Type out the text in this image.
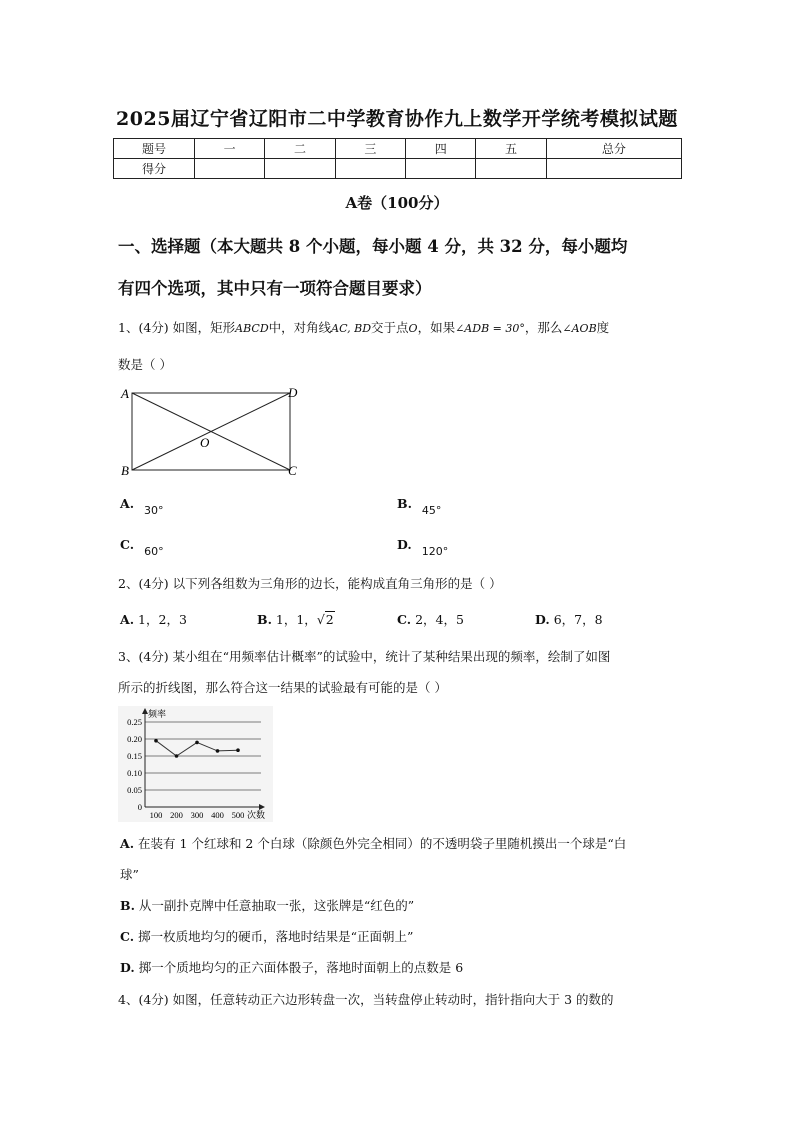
2025届辽宁省辽阳市二中学教育协作九上数学开学统考模拟试题
题号	一	二	三	四	五	总分
得分						
A卷（100分）
一、选择题（本大题共 8 个小题，每小题 4 分，共 32 分，每小题均
有四个选项，其中只有一项符合题目要求）
1、(4分) 如图，矩形ABCD中，对角线AC, BD交于点O，如果∠ADB = 30°，那么∠AOB度
数是（ ）
A	D
B	C
O
A. 30°	B. 45°
C. 60°	D. 120°
2、(4分) 以下列各组数为三角形的边长，能构成直角三角形的是（ ）
A. 1，2，3	B. 1，1，√2	C. 2，4，5	D. 6，7，8
3、(4分) 某小组在“用频率估计概率”的试验中，统计了某种结果出现的频率，绘制了如图
所示的折线图，那么符合这一结果的试验最有可能的是（ ）
频率
次数
0
0.05
0.10
0.15
0.20
0.25
100 200 300 400 500
A. 在装有 1 个红球和 2 个白球（除颜色外完全相同）的不透明袋子里随机摸出一个球是“白
球”
B. 从一副扑克牌中任意抽取一张，这张牌是“红色的”
C. 掷一枚质地均匀的硬币，落地时结果是“正面朝上”
D. 掷一个质地均匀的正六面体骰子，落地时面朝上的点数是 6
4、(4分) 如图，任意转动正六边形转盘一次，当转盘停止转动时，指针指向大于 3 的数的
